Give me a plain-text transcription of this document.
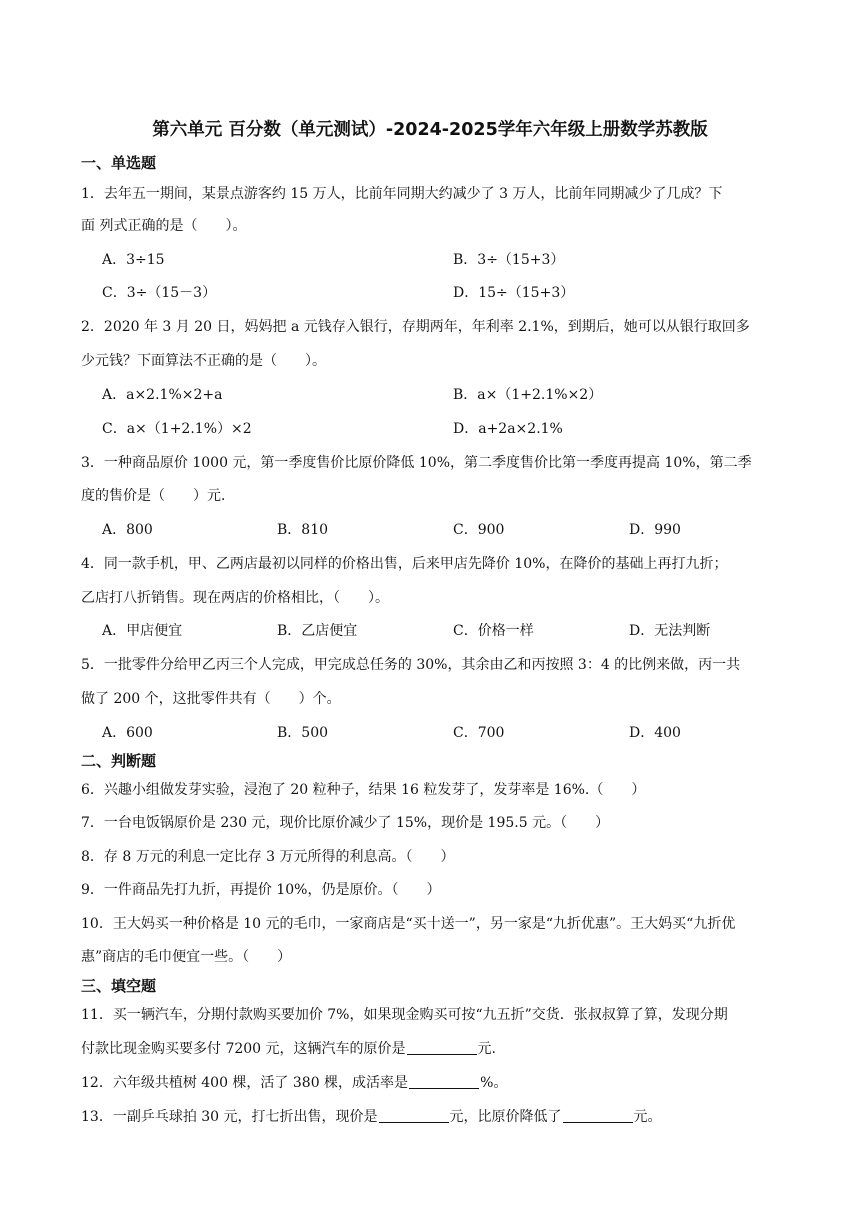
第六单元 百分数（单元测试）-2024-2025学年六年级上册数学苏教版
一、单选题
1．去年五一期间，某景点游客约 15 万人，比前年同期大约减少了 3 万人，比前年同期减少了几成？下
面 列式正确的是（　　）。
A．3÷15	B．3÷（15+3）
C．3÷（15－3）	D．15÷（15+3）
2．2020 年 3 月 20 日，妈妈把 a 元钱存入银行，存期两年，年利率 2.1%，到期后，她可以从银行取回多
少元钱？下面算法不正确的是（　　）。
A．a×2.1%×2+a	B．a×（1+2.1%×2）
C．a×（1+2.1%）×2	D．a+2a×2.1%
3．一种商品原价 1000 元，第一季度售价比原价降低 10%，第二季度售价比第一季度再提高 10%，第二季
度的售价是（　　）元．
A．800	B．810	C．900	D．990
4．同一款手机，甲、乙两店最初以同样的价格出售，后来甲店先降价 10%，在降价的基础上再打九折；
乙店打八折销售。现在两店的价格相比，（　　）。
A．甲店便宜	B．乙店便宜	C．价格一样	D．无法判断
5．一批零件分给甲乙丙三个人完成，甲完成总任务的 30%，其余由乙和丙按照 3：4 的比例来做，丙一共
做了 200 个，这批零件共有（　　）个。
A．600	B．500	C．700	D．400
二、判断题
6．兴趣小组做发芽实验，浸泡了 20 粒种子，结果 16 粒发芽了，发芽率是 16%.（　　）
7．一台电饭锅原价是 230 元，现价比原价减少了 15%，现价是 195.5 元。（　　）
8．存 8 万元的利息一定比存 3 万元所得的利息高。（　　）
9．一件商品先打九折，再提价 10%，仍是原价。（　　）
10．王大妈买一种价格是 10 元的毛巾，一家商店是“买十送一”，另一家是“九折优惠”。王大妈买“九折优
惠”商店的毛巾便宜一些。（　　）
三、填空题
11．买一辆汽车，分期付款购买要加价 7%，如果现金购买可按“九五折”交货．张叔叔算了算，发现分期
付款比现金购买要多付 7200 元，这辆汽车的原价是	元.
12．六年级共植树 400 棵，活了 380 棵，成活率是	%。
13．一副乒乓球拍 30 元，打七折出售，现价是	元，比原价降低了	元。
